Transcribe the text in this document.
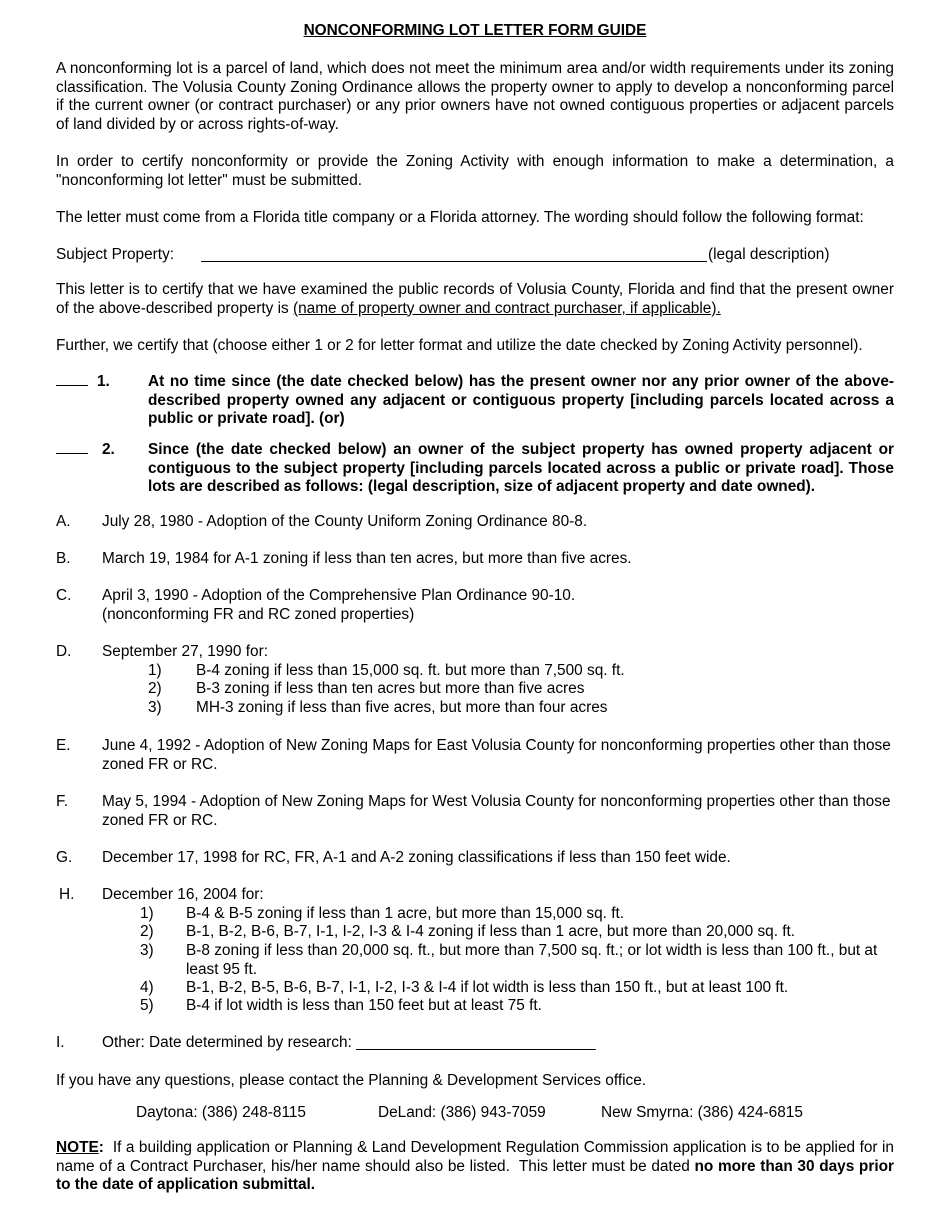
NONCONFORMING LOT LETTER FORM GUIDE
A nonconforming lot is a parcel of land, which does not meet the minimum area and/or width requirements under its zoning classification. The Volusia County Zoning Ordinance allows the property owner to apply to develop a nonconforming parcel if the current owner (or contract purchaser) or any prior owners have not owned contiguous properties or adjacent parcels of land divided by or across rights-of-way.
In order to certify nonconformity or provide the Zoning Activity with enough information to make a determination, a "nonconforming lot letter" must be submitted.
The letter must come from a Florida title company or a Florida attorney. The wording should follow the following format:
Subject Property:	(legal description)
This letter is to certify that we have examined the public records of Volusia County, Florida and find that the present owner of the above-described property is (name of property owner and contract purchaser, if applicable).
Further, we certify that (choose either 1 or 2 for letter format and utilize the date checked by Zoning Activity personnel).
1. At no time since (the date checked below) has the present owner nor any prior owner of the above-described property owned any adjacent or contiguous property [including parcels located across a public or private road]. (or)
2. Since (the date checked below) an owner of the subject property has owned property adjacent or contiguous to the subject property [including parcels located across a public or private road]. Those lots are described as follows: (legal description, size of adjacent property and date owned).
A. July 28, 1980 - Adoption of the County Uniform Zoning Ordinance 80-8.
B. March 19, 1984 for A-1 zoning if less than ten acres, but more than five acres.
C. April 3, 1990 - Adoption of the Comprehensive Plan Ordinance 90-10.
(nonconforming FR and RC zoned properties)
D. September 27, 1990 for:
1) B-4 zoning if less than 15,000 sq. ft. but more than 7,500 sq. ft.
2) B-3 zoning if less than ten acres but more than five acres
3) MH-3 zoning if less than five acres, but more than four acres
E. June 4, 1992 - Adoption of New Zoning Maps for East Volusia County for nonconforming properties other than those zoned FR or RC.
F. May 5, 1994 - Adoption of New Zoning Maps for West Volusia County for nonconforming properties other than those zoned FR or RC.
G. December 17, 1998 for RC, FR, A-1 and A-2 zoning classifications if less than 150 feet wide.
H. December 16, 2004 for:
1) B-4 & B-5 zoning if less than 1 acre, but more than 15,000 sq. ft.
2) B-1, B-2, B-6, B-7, I-1, I-2, I-3 & I-4 zoning if less than 1 acre, but more than 20,000 sq. ft.
3) B-8 zoning if less than 20,000 sq. ft., but more than 7,500 sq. ft.; or lot width is less than 100 ft., but at least 95 ft.
4) B-1, B-2, B-5, B-6, B-7, I-1, I-2, I-3 & I-4 if lot width is less than 150 ft., but at least 100 ft.
5) B-4 if lot width is less than 150 feet but at least 75 ft.
I. Other: Date determined by research: ____________________________
If you have any questions, please contact the Planning & Development Services office.
Daytona: (386) 248-8115	DeLand: (386) 943-7059	New Smyrna: (386) 424-6815
NOTE:  If a building application or Planning & Land Development Regulation Commission application is to be applied for in name of a Contract Purchaser, his/her name should also be listed.  This letter must be dated no more than 30 days prior to the date of application submittal.
